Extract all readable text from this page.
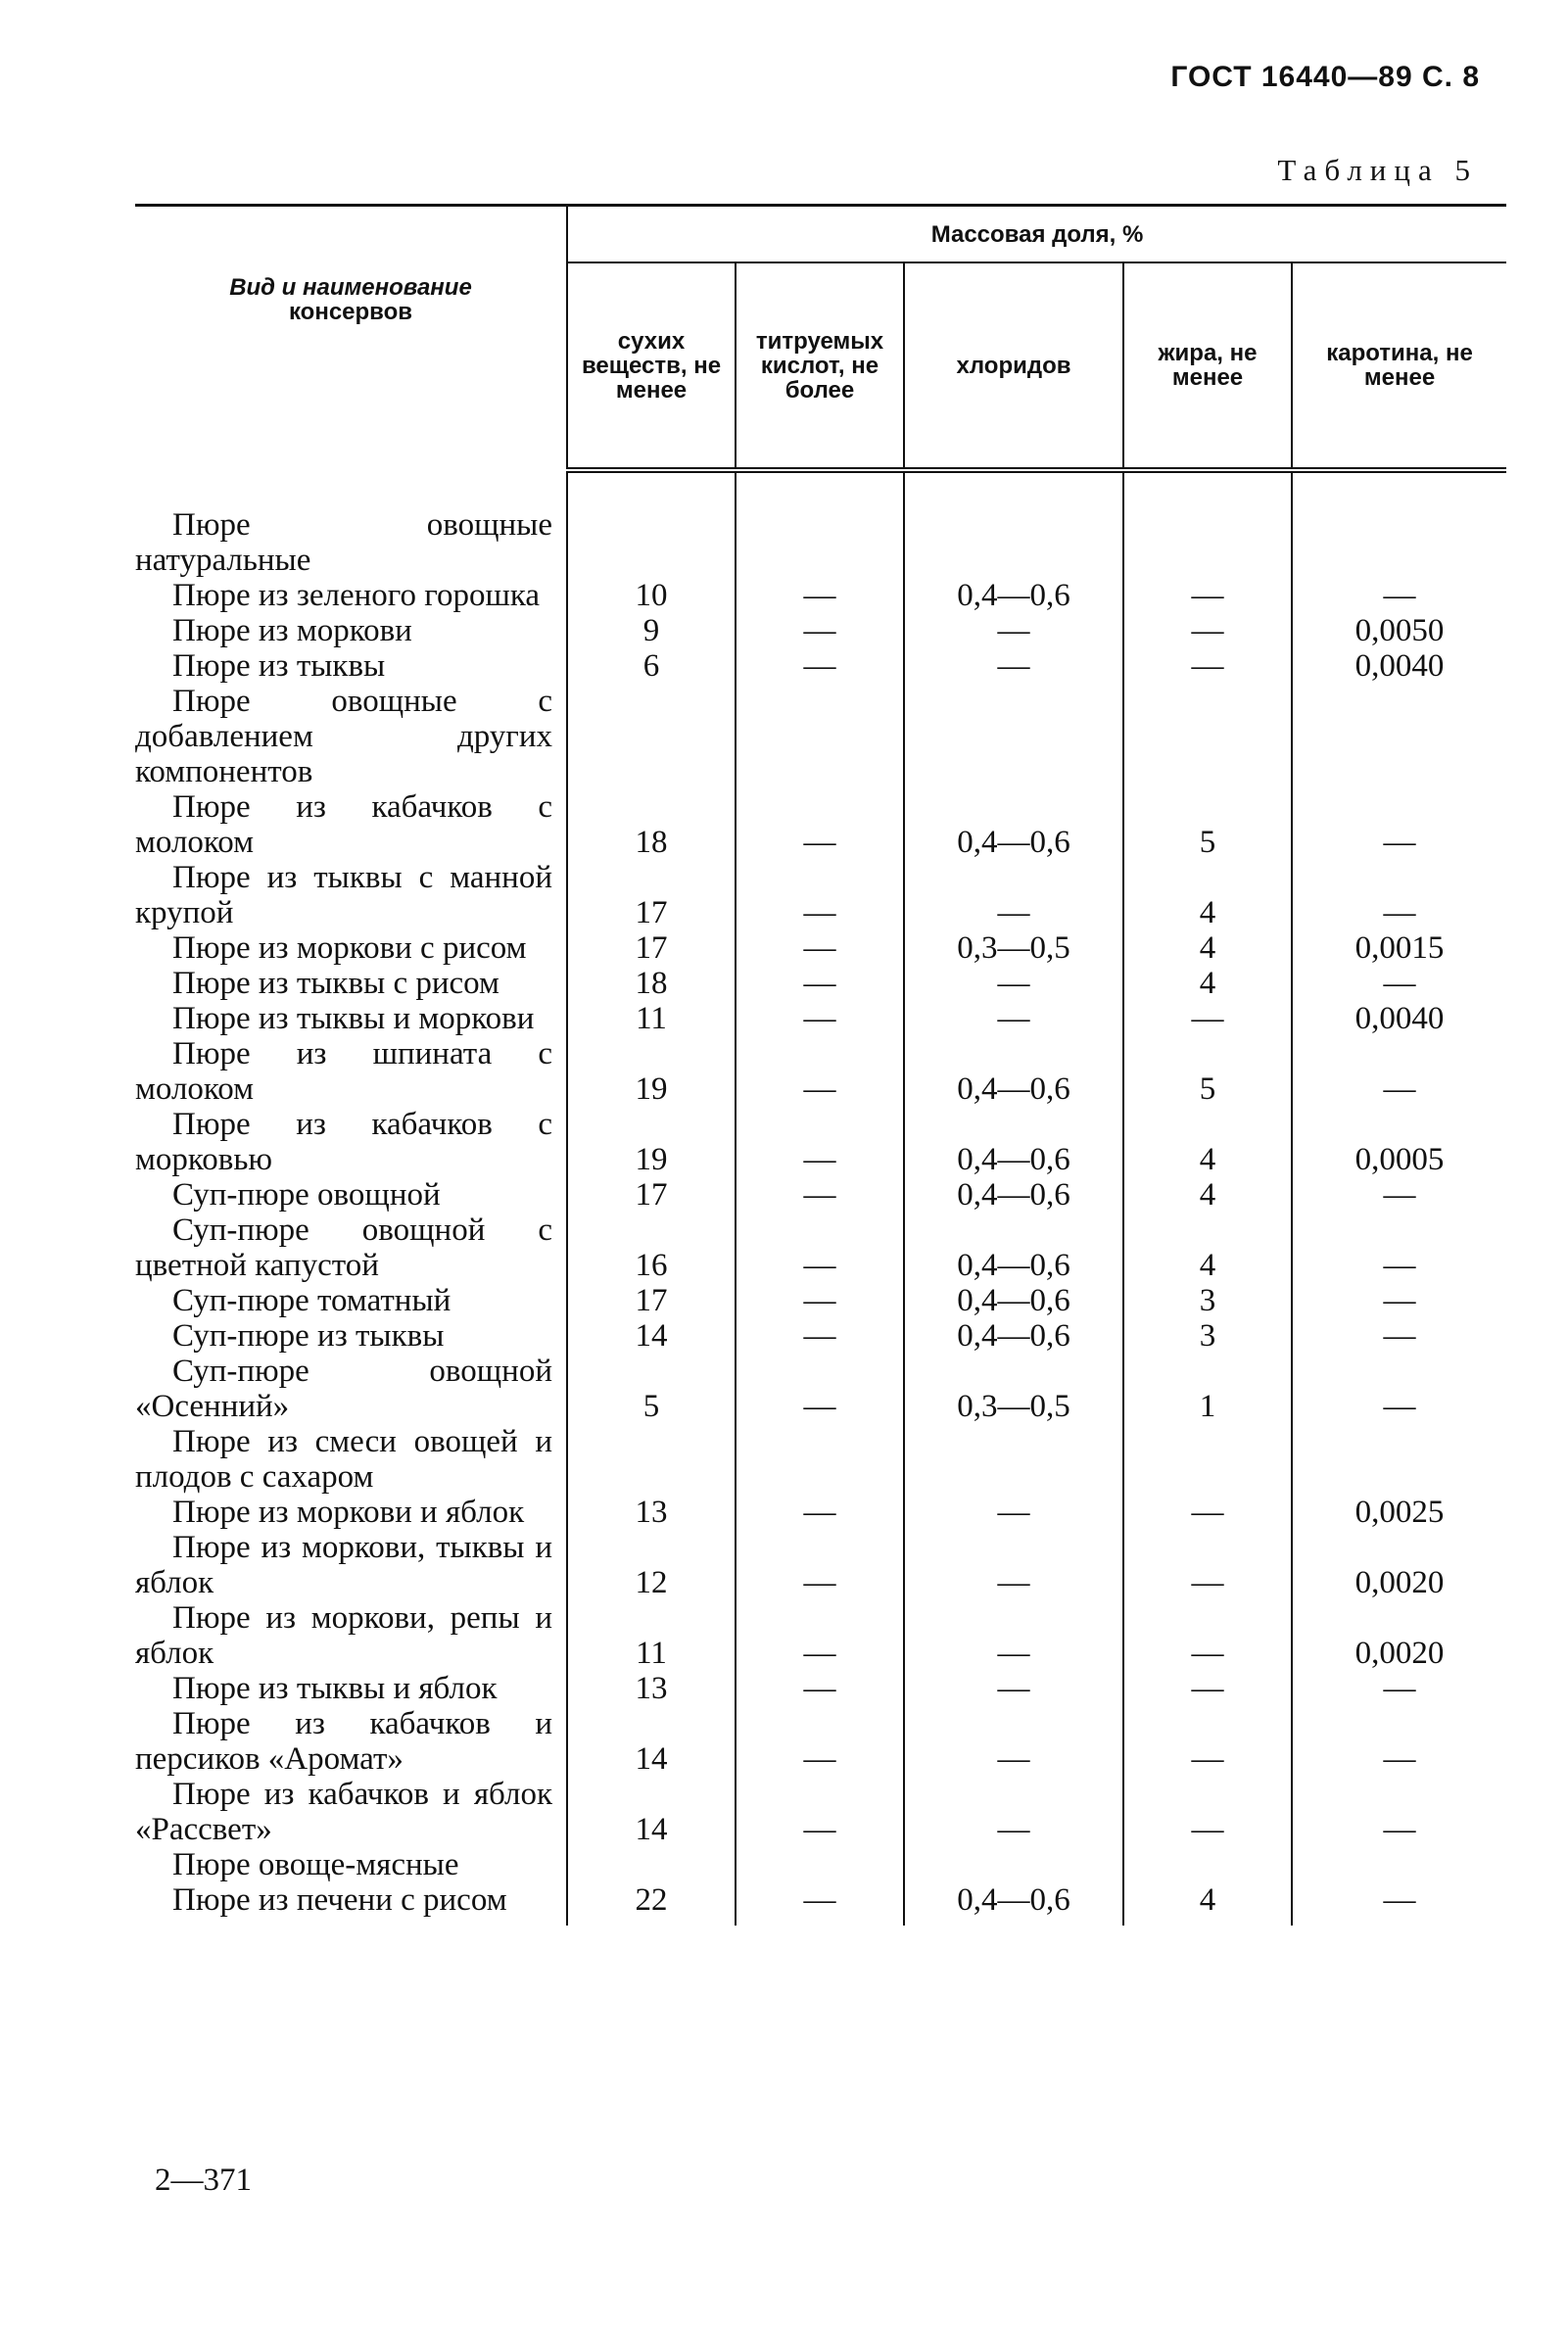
ГОСТ 16440—89 С. 8
Таблица 5
Вид и наименование
консервов	Массовая доля, %				
	сухих веществ, не менее	титруемых кислот, не более	хлоридов	жира, не менее	каротина, не менее

Пюре овощные натуральные					

Пюре из зеленого горошка	10	—	0,4—0,6	—	—

Пюре из моркови	9	—	—	—	0,0050

Пюре из тыквы	6	—	—	—	0,0040

Пюре овощные с добавлением других компонентов					

Пюре из кабачков с молоком	18	—	0,4—0,6	5	—

Пюре из тыквы с манной крупой	17	—	—	4	—

Пюре из моркови с рисом	17	—	0,3—0,5	4	0,0015

Пюре из тыквы с рисом	18	—	—	4	—

Пюре из тыквы и моркови	11	—	—	—	0,0040

Пюре из шпината с молоком	19	—	0,4—0,6	5	—

Пюре из кабачков с морковью	19	—	0,4—0,6	4	0,0005

Суп-пюре овощной	17	—	0,4—0,6	4	—

Суп-пюре овощной с цветной капустой	16	—	0,4—0,6	4	—

Суп-пюре томатный	17	—	0,4—0,6	3	—

Суп-пюре из тыквы	14	—	0,4—0,6	3	—

Суп-пюре овощной «Осенний»	5	—	0,3—0,5	1	—

Пюре из смеси овощей и плодов с сахаром					

Пюре из моркови и яблок	13	—	—	—	0,0025

Пюре из моркови, тыквы и яблок	12	—	—	—	0,0020

Пюре из моркови, репы и яблок	11	—	—	—	0,0020

Пюре из тыквы и яблок	13	—	—	—	—

Пюре из кабачков и персиков «Аромат»	14	—	—	—	—

Пюре из кабачков и яблок «Рассвет»	14	—	—	—	—

Пюре овоще-мясные					

Пюре из печени с рисом	22	—	0,4—0,6	4	—
2—371
